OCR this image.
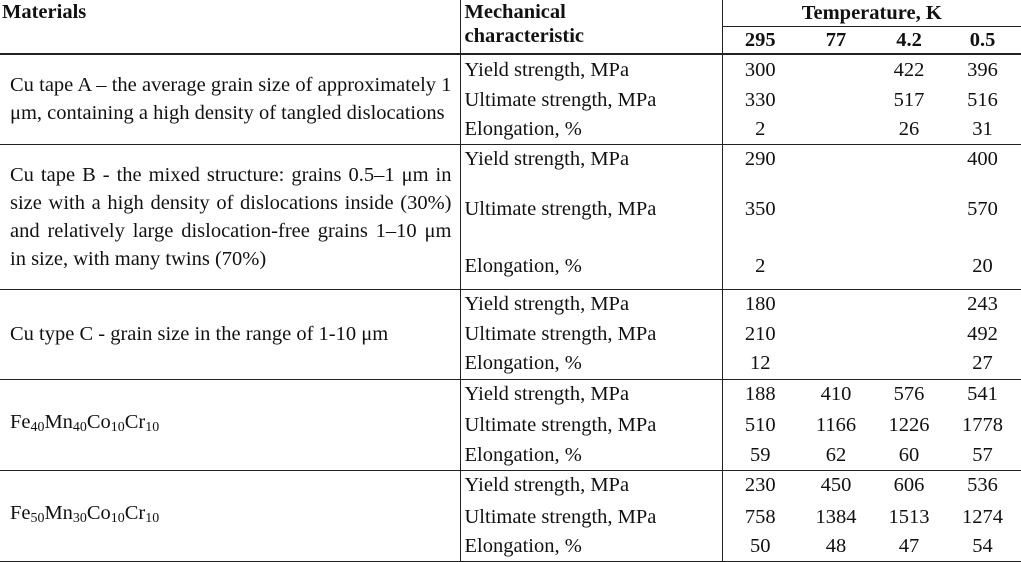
Materials	Mechanical
characteristic	Temperature, K			
		295	77	4.2	0.5
Cu tape A – the average grain size of approximately 1 μm, containing a high density of tangled dislocations	Yield strength, MPa	300		422	396
	Ultimate strength, MPa	330		517	516
	Elongation, %	2		26	31
Cu tape B - the mixed structure: grains 0.5–1 μm in size with a high density of dislocations inside (30%) and relatively large dislocation-free grains 1–10 μm in size, with many twins (70%)	Yield strength, MPa	290			400
	Ultimate strength, MPa	350			570
	Elongation, %	2			20
Cu type C - grain size in the range of 1-10 μm	Yield strength, MPa	180			243
	Ultimate strength, MPa	210			492
	Elongation, %	12			27
$Fe_{40}Mn_{40}Co_{10}Cr_{10}$	Yield strength, MPa	188	410	576	541
	Ultimate strength, MPa	510	1166	1226	1778
	Elongation, %	59	62	60	57
$Fe_{50}Mn_{30}Co_{10}Cr_{10}$	Yield strength, MPa	230	450	606	536
	Ultimate strength, MPa	758	1384	1513	1274
	Elongation, %	50	48	47	54
